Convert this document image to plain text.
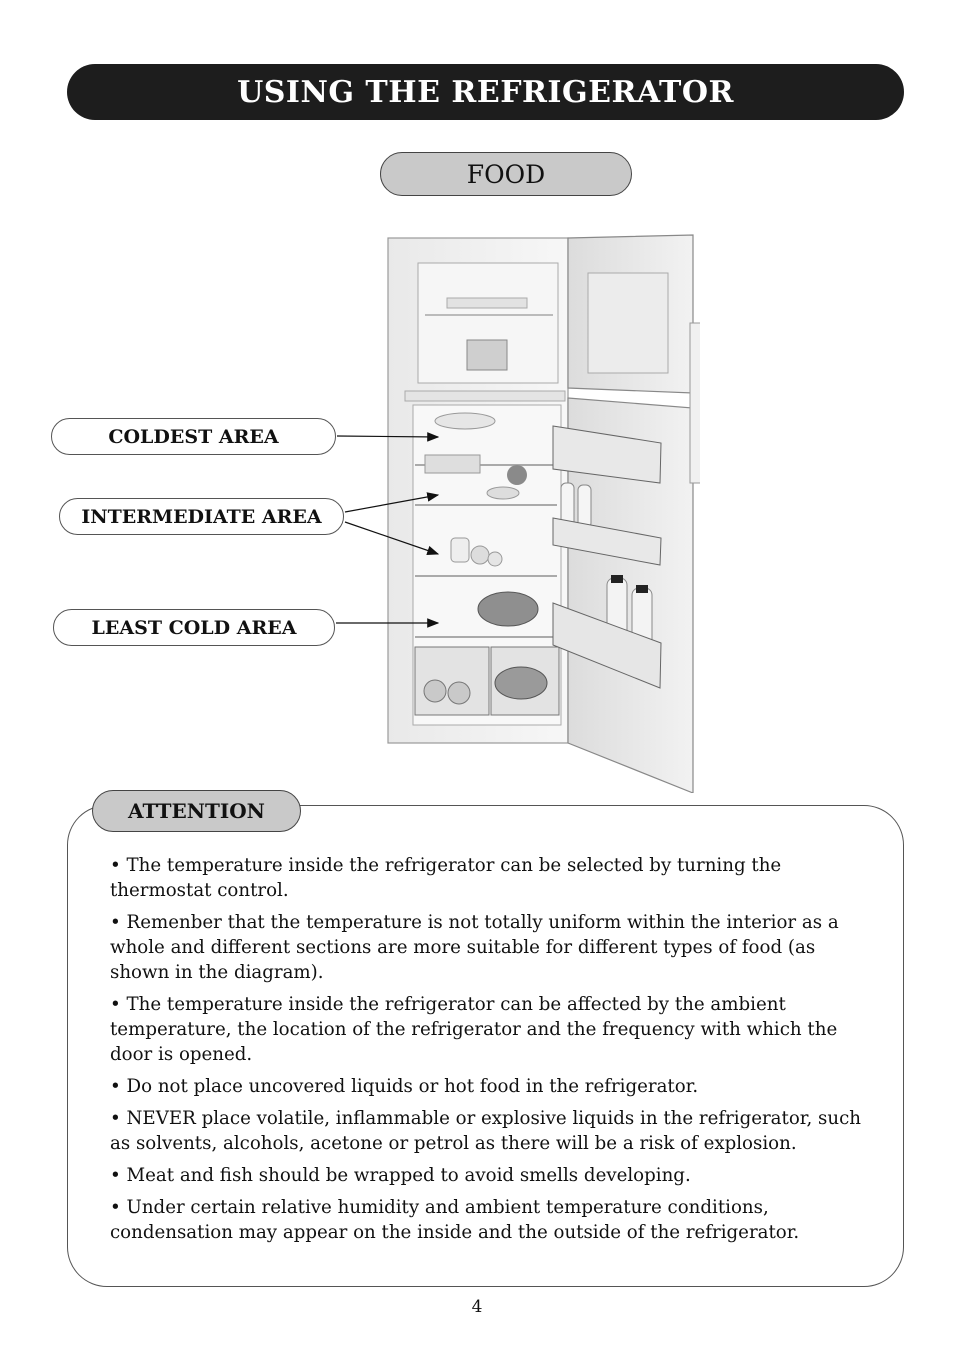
USING THE REFRIGERATOR
FOOD
COLDEST AREA
INTERMEDIATE AREA
LEAST COLD AREA
ATTENTION
• The temperature inside the refrigerator can be selected by turning the thermostat control.
• Remenber that the temperature is not totally uniform within the interior as a whole and different sections are more suitable for different types of food (as shown in the diagram).
• The temperature inside the refrigerator can be affected by the ambient temperature, the location of the refrigerator and the frequency with which the door is opened.
• Do not place uncovered liquids or hot food in the refrigerator.
• NEVER place volatile, inflammable or explosive liquids in the refrigerator, such as solvents, alcohols, acetone or petrol as there will be a risk of explosion.
• Meat and fish should be wrapped to avoid smells developing.
• Under certain relative humidity and ambient temperature conditions, condensation may appear on the inside and the outside of the refrigerator.
4
